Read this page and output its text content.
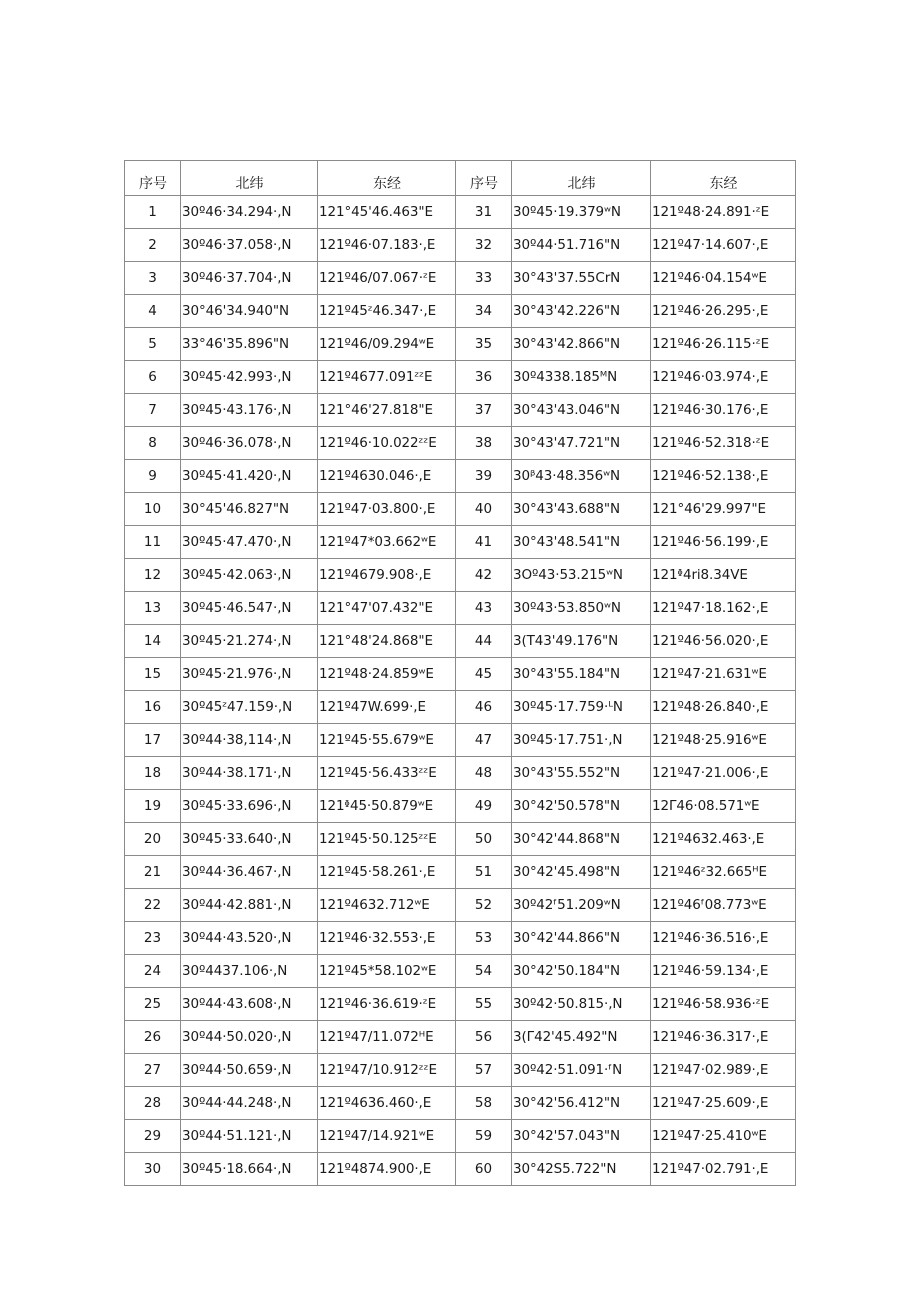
序号	北纬	东经	序号	北纬	东经
1	30º46·34.294·,N	121°45'46.463"E	31	30º45·19.379ʷN	121º48·24.891·ᶻE
2	30º46·37.058·,N	121º46·07.183·,E	32	30º44·51.716"N	121º47·14.607·,E
3	30º46·37.704·,N	121º46/07.067·ᶻE	33	30°43'37.55CrN	121º46·04.154ʷE
4	30°46'34.940"N	121º45ᶻ46.347·,E	34	30°43'42.226"N	121º46·26.295·,E
5	33°46'35.896"N	121º46/09.294ʷE	35	30°43'42.866"N	121º46·26.115·ᶻE
6	30º45·42.993·,N	121º4677.091ᶻᶻE	36	30º4338.185ᴹN	121º46·03.974·,E
7	30º45·43.176·,N	121°46'27.818"E	37	30°43'43.046"N	121º46·30.176·,E
8	30º46·36.078·,N	121º46·10.022ᶻᶻE	38	30°43'47.721"N	121º46·52.318·ᶻE
9	30º45·41.420·,N	121º4630.046·,E	39	30ᵝ43·48.356ʷN	121º46·52.138·,E
10	30°45'46.827"N	121º47·03.800·,E	40	30°43'43.688"N	121°46'29.997"E
11	30º45·47.470·,N	121º47*03.662ʷE	41	30°43'48.541"N	121º46·56.199·,E
12	30º45·42.063·,N	121º4679.908·,E	42	3Oº43·53.215ʷN	121ᶲ4ri8.34VE
13	30º45·46.547·,N	121°47'07.432"E	43	30º43·53.850ʷN	121º47·18.162·,E
14	30º45·21.274·,N	121°48'24.868"E	44	3(T43'49.176"N	121º46·56.020·,E
15	30º45·21.976·,N	121º48·24.859ʷE	45	30°43'55.184"N	121º47·21.631ʷE
16	30º45ᶻ47.159·,N	121º47W.699·,E	46	30º45·17.759·ᴸN	121º48·26.840·,E
17	30º44·38,114·,N	121º45·55.679ʷE	47	30º45·17.751·,N	121º48·25.916ʷE
18	30º44·38.171·,N	121º45·56.433ᶻᶻE	48	30°43'55.552"N	121º47·21.006·,E
19	30º45·33.696·,N	121ᶲ45·50.879ʷE	49	30°42'50.578"N	12Γ46·08.571ʷE
20	30º45·33.640·,N	121º45·50.125ᶻᶻE	50	30°42'44.868"N	121º4632.463·,E
21	30º44·36.467·,N	121º45·58.261·,E	51	30°42'45.498"N	121º46ᶻ32.665ᴴE
22	30º44·42.881·,N	121º4632.712ʷE	52	30º42ᶠ51.209ʷN	121º46ᶠ08.773ʷE
23	30º44·43.520·,N	121º46·32.553·,E	53	30°42'44.866"N	121º46·36.516·,E
24	30º4437.106·,N	121º45*58.102ʷE	54	30°42'50.184"N	121º46·59.134·,E
25	30º44·43.608·,N	121º46·36.619·ᶻE	55	30º42·50.815·,N	121º46·58.936·ᶻE
26	30º44·50.020·,N	121º47/11.072ᴴE	56	3(Γ42'45.492"N	121º46·36.317·,E
27	30º44·50.659·,N	121º47/10.912ᶻᶻE	57	30º42·51.091·ᶠN	121º47·02.989·,E
28	30º44·44.248·,N	121º4636.460·,E	58	30°42'56.412"N	121º47·25.609·,E
29	30º44·51.121·,N	121º47/14.921ʷE	59	30°42'57.043"N	121º47·25.410ʷE
30	30º45·18.664·,N	121º4874.900·,E	60	30°42S5.722"N	121º47·02.791·,E
